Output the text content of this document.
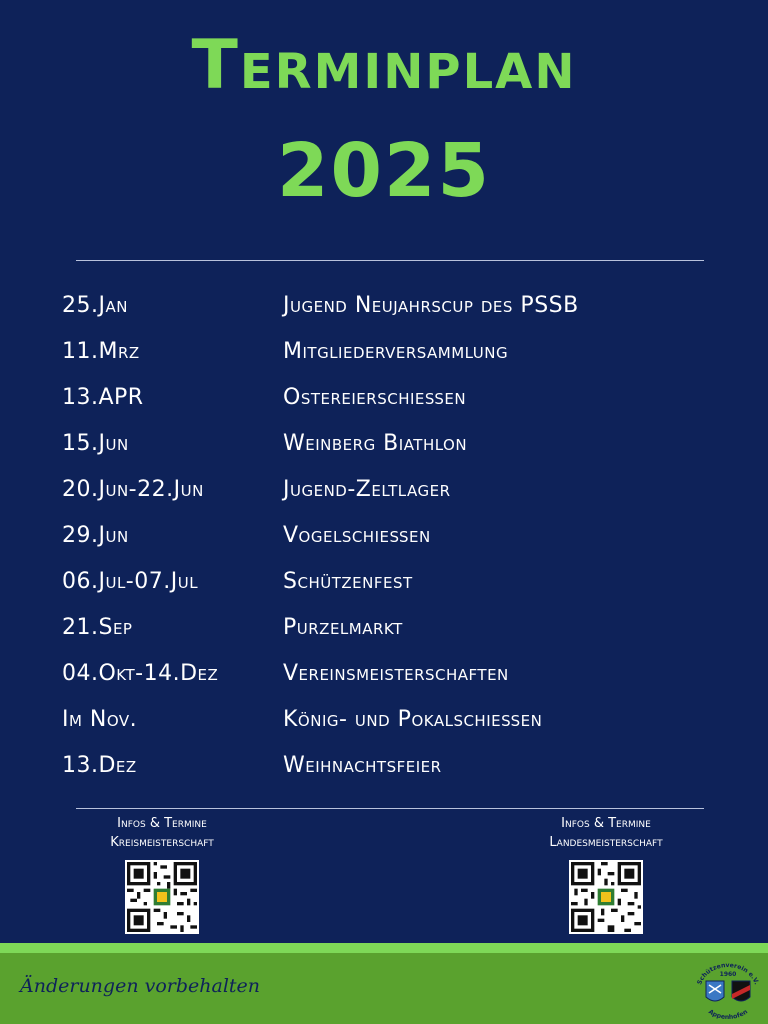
Terminplan
2025
25.Jan	Jugend Neujahrscup des PSSB
11.Mrz	Mitgliederversammlung
13.APR	Ostereierschießen
15.Jun	Weinberg Biathlon
20.Jun-22.Jun	Jugend-Zeltlager
29.Jun	Vogelschießen
06.Jul-07.Jul	Schützenfest
21.Sep	Purzelmarkt
04.Okt-14.Dez	Vereinsmeisterschaften
Im Nov.	König- und Pokalschießen
13.Dez	Weihnachtsfeier
Infos & Termine
Kreismeisterschaft
Infos & Termine
Landesmeisterschaft
Änderungen vorbehalten	Schützenverein e.V.
1960
Appenhofen
